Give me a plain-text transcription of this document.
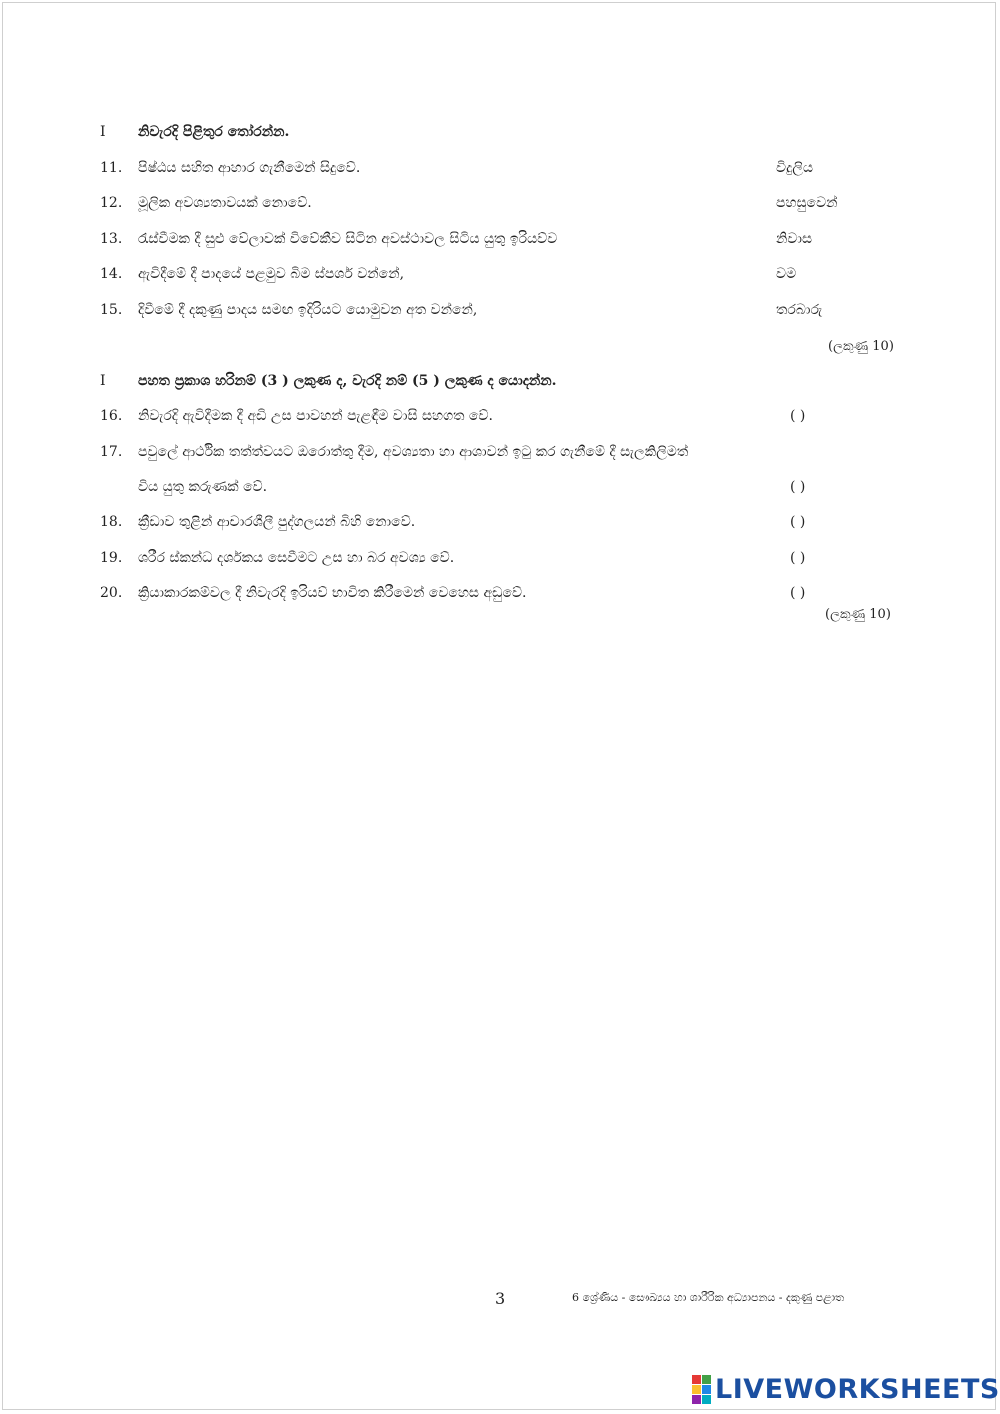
I නිවැරදි පිළිතුර තෝරන්න.
11. පිෂ්ඨය සහිත ආහාර ගැනීමෙන් සිදුවේ.
12. මූලික අවශ්‍යතාවයක් නොවේ.
13. රැස්වීමක දී සුළු වේලාවක් විවේකීව සිටින අවස්ථාවල සිටිය යුතු ඉරියව්ව
14. ඇවිදීමේ දී පාදයේ පළමුව බිම ස්පර්ශ වන්නේ,
15. දිවීමේ දී දකුණු පාදය සමඟ ඉදිරියට යොමුවන අත වන්නේ,
විදුලිය
පහසුවෙන්
නිවාස
වම
තරබාරු
(ලකුණු 10)
I පහත ප්‍රකාශ හරිනම් (3 ) ලකුණ ද, වැරදි නම් (5 ) ලකුණ ද යොදන්න.
16. නිවැරදි ඇවිදීමක දී අඩි උස පාවහන් පැළඳීම වාසි සහගත වේ.
17. පවුලේ ආර්ථික තත්ත්වයට ඔරොත්තු දීම, අවශ්‍යතා හා ආශාවන් ඉටු කර ගැනීමේ දී සැලකිලිමත්
විය යුතු කරුණක් වේ.
18. ක්‍රීඩාව තුළින් ආචාරශීලී පුද්ගලයන් බිහි නොවේ.
19. ශරීර ස්කන්ධ දර්ශකය සෙවීමට උස හා බර අවශ්‍ය වේ.
20. ක්‍රියාකාරකම්වල දී නිවැරදි ඉරියව් භාවිත කිරීමෙන් වෙහෙස අඩුවේ.
( )
( )
( )
( )
( )
(ලකුණු 10)
3	6 ශ්‍රේණිය - සෞඛ්‍යය හා ශාරීරික අධ්‍යාපනය - දකුණු පළාත
LIVEWORKSHEETS
